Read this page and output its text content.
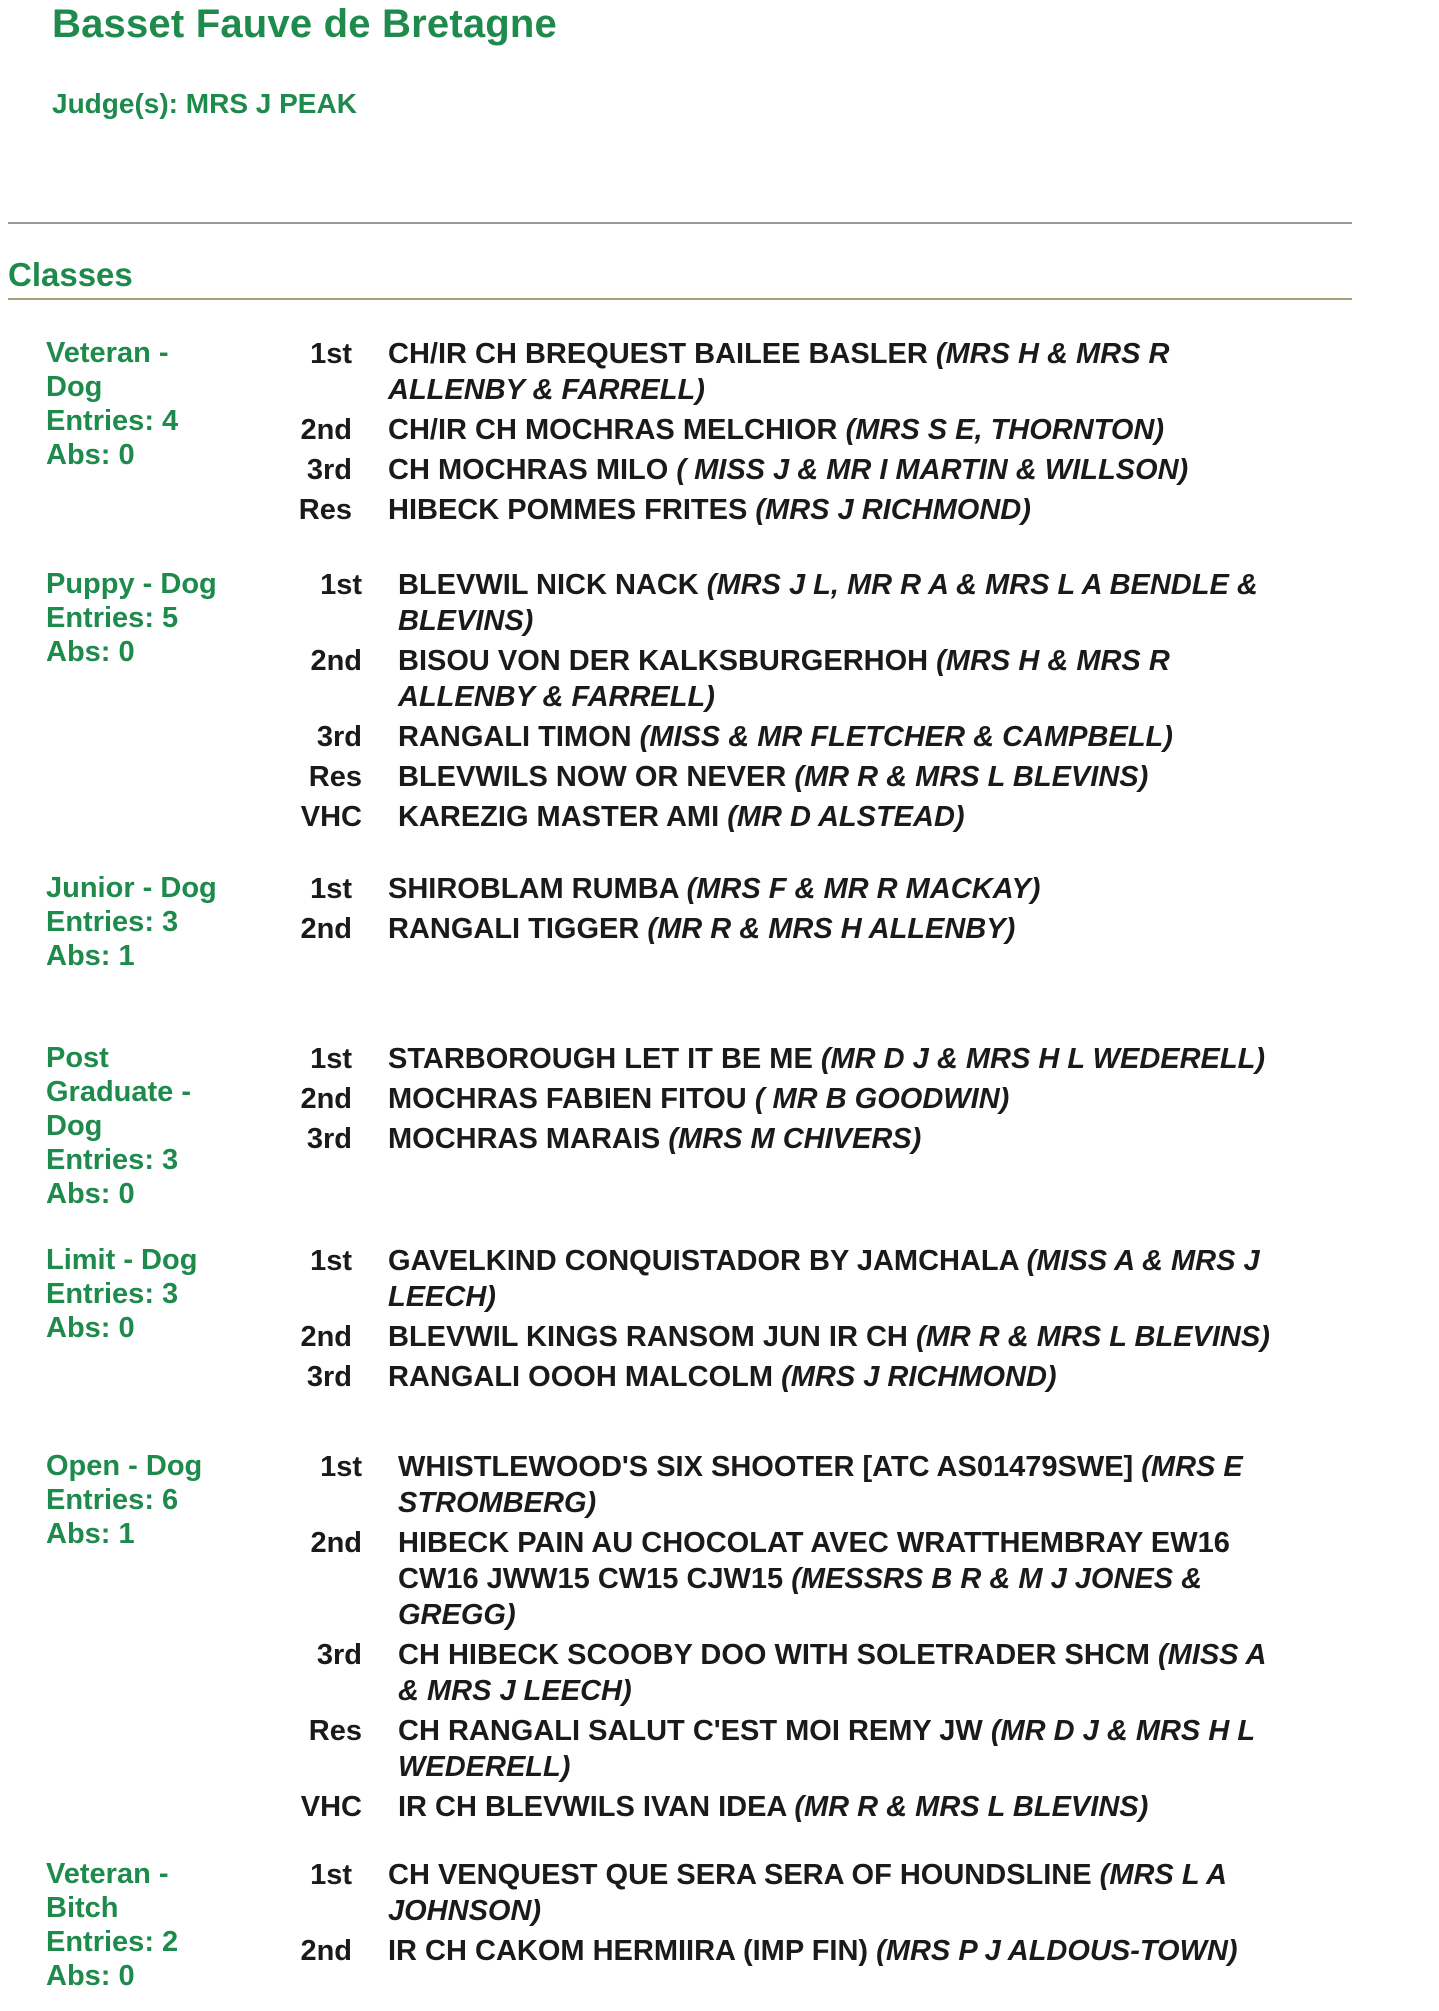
Basset Fauve de Bretagne

Judge(s): MRS J PEAK

Classes
Veteran - Dog
Entries: 4
Abs: 0
1st CH/IR CH BREQUEST BAILEE BASLER (MRS H & MRS R ALLENBY & FARRELL)
2nd CH/IR CH MOCHRAS MELCHIOR (MRS S E, THORNTON)
3rd CH MOCHRAS MILO ( MISS J & MR I MARTIN & WILLSON)
Res HIBECK POMMES FRITES (MRS J RICHMOND)
Puppy - Dog
Entries: 5
Abs: 0
1st BLEVWIL NICK NACK (MRS J L, MR R A & MRS L A BENDLE & BLEVINS)
2nd BISOU VON DER KALKSBURGERHOH (MRS H & MRS R ALLENBY & FARRELL)
3rd RANGALI TIMON (MISS & MR FLETCHER & CAMPBELL)
Res BLEVWILS NOW OR NEVER (MR R & MRS L BLEVINS)
VHC KAREZIG MASTER AMI (MR D ALSTEAD)
Junior - Dog
Entries: 3
Abs: 1
1st SHIROBLAM RUMBA (MRS F & MR R MACKAY)
2nd RANGALI TIGGER (MR R & MRS H ALLENBY)
Post Graduate - Dog
Entries: 3
Abs: 0
1st STARBOROUGH LET IT BE ME (MR D J & MRS H L WEDERELL)
2nd MOCHRAS FABIEN FITOU ( MR B GOODWIN)
3rd MOCHRAS MARAIS (MRS M CHIVERS)
Limit - Dog
Entries: 3
Abs: 0
1st GAVELKIND CONQUISTADOR BY JAMCHALA (MISS A & MRS J LEECH)
2nd BLEVWIL KINGS RANSOM JUN IR CH (MR R & MRS L BLEVINS)
3rd RANGALI OOOH MALCOLM (MRS J RICHMOND)
Open - Dog
Entries: 6
Abs: 1
1st WHISTLEWOOD'S SIX SHOOTER [ATC AS01479SWE] (MRS E STROMBERG)
2nd HIBECK PAIN AU CHOCOLAT AVEC WRATTHEMBRAY EW16 CW16 JWW15 CW15 CJW15 (MESSRS B R & M J JONES & GREGG)
3rd CH HIBECK SCOOBY DOO WITH SOLETRADER SHCM (MISS A & MRS J LEECH)
Res CH RANGALI SALUT C'EST MOI REMY JW (MR D J & MRS H L WEDERELL)
VHC IR CH BLEVWILS IVAN IDEA (MR R & MRS L BLEVINS)
Veteran - Bitch
Entries: 2
Abs: 0
1st CH VENQUEST QUE SERA SERA OF HOUNDSLINE (MRS L A JOHNSON)
2nd IR CH CAKOM HERMIIRA (IMP FIN) (MRS P J ALDOUS-TOWN)
